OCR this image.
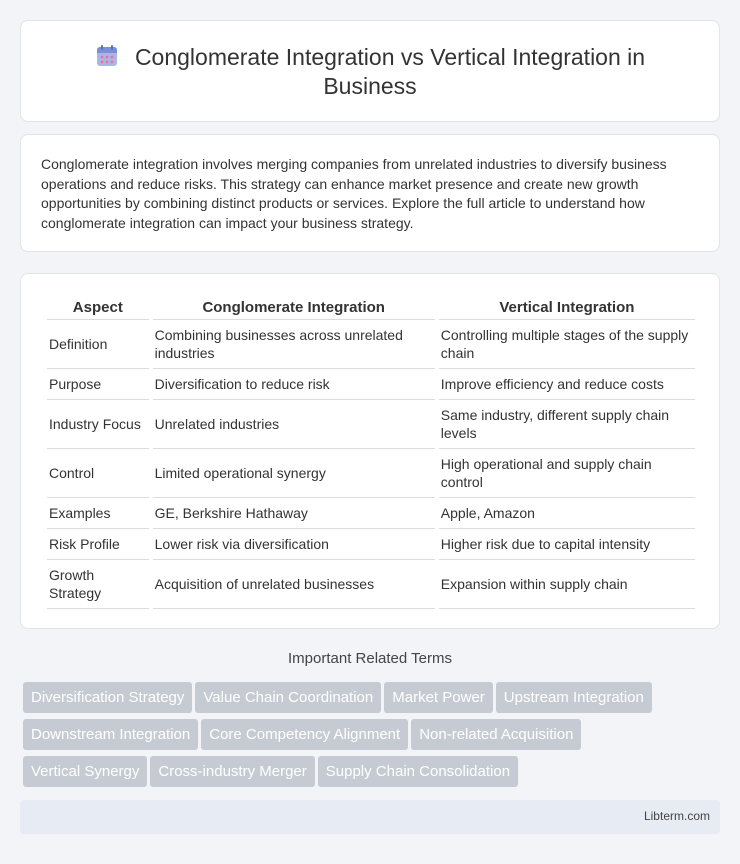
Conglomerate Integration vs Vertical Integration in Business

Conglomerate integration involves merging companies from unrelated industries to diversify business operations and reduce risks. This strategy can enhance market presence and create new growth opportunities by combining distinct products or services. Explore the full article to understand how conglomerate integration can impact your business strategy.

Aspect	Conglomerate Integration	Vertical Integration
Definition	Combining businesses across unrelated industries	Controlling multiple stages of the supply chain
Purpose	Diversification to reduce risk	Improve efficiency and reduce costs
Industry Focus	Unrelated industries	Same industry, different supply chain levels
Control	Limited operational synergy	High operational and supply chain control
Examples	GE, Berkshire Hathaway	Apple, Amazon
Risk Profile	Lower risk via diversification	Higher risk due to capital intensity
Growth Strategy	Acquisition of unrelated businesses	Expansion within supply chain
Important Related Terms
Diversification Strategy Value Chain Coordination Market Power Upstream Integration
Downstream Integration Core Competency Alignment Non-related Acquisition
Vertical Synergy Cross-industry Merger Supply Chain Consolidation
Libterm.com
